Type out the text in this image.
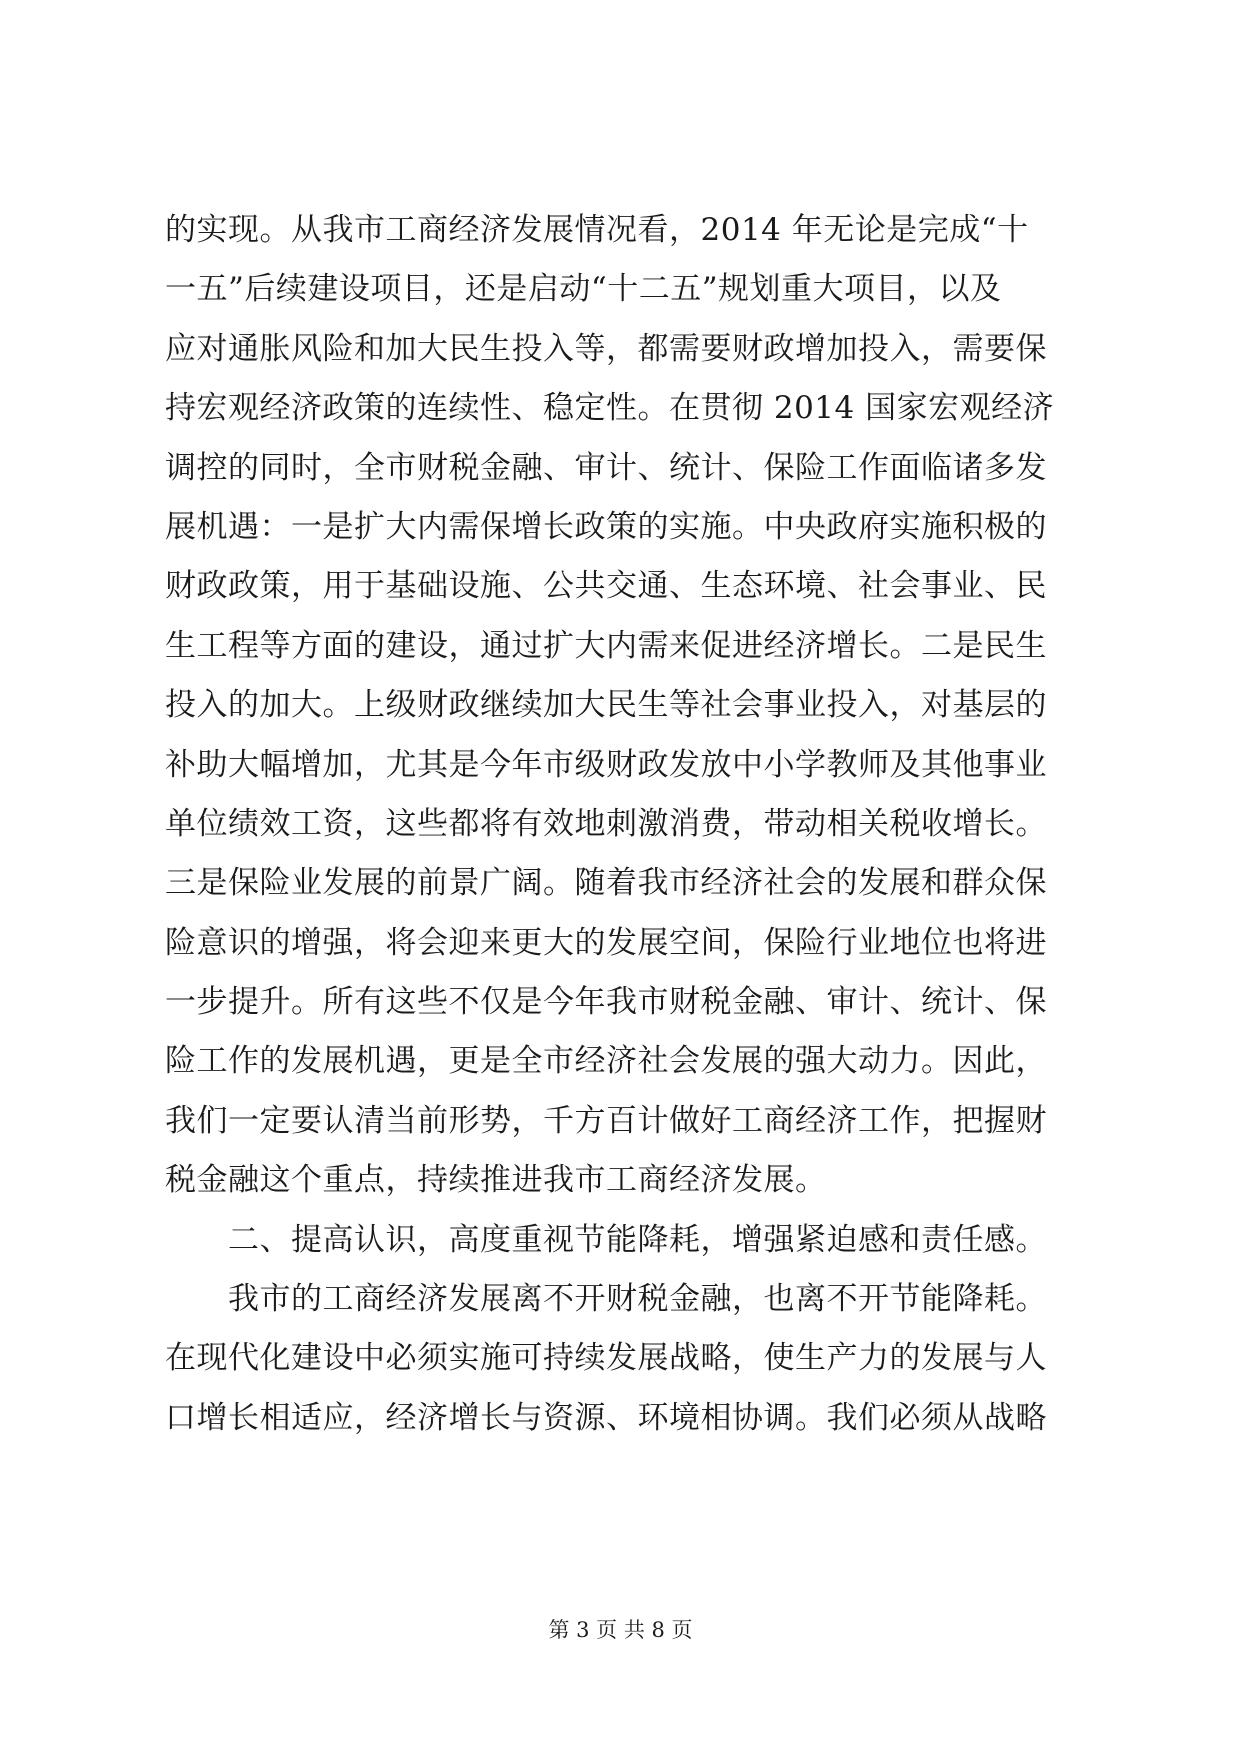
的实现。从我市工商经济发展情况看，2014 年无论是完成“十
一五”后续建设项目，还是启动“十二五”规划重大项目，以及
应对通胀风险和加大民生投入等，都需要财政增加投入，需要保
持宏观经济政策的连续性、稳定性。在贯彻 2014 国家宏观经济
调控的同时，全市财税金融、审计、统计、保险工作面临诸多发
展机遇：一是扩大内需保增长政策的实施。中央政府实施积极的
财政政策，用于基础设施、公共交通、生态环境、社会事业、民
生工程等方面的建设，通过扩大内需来促进经济增长。二是民生
投入的加大。上级财政继续加大民生等社会事业投入，对基层的
补助大幅增加，尤其是今年市级财政发放中小学教师及其他事业
单位绩效工资，这些都将有效地刺激消费，带动相关税收增长。
三是保险业发展的前景广阔。随着我市经济社会的发展和群众保
险意识的增强，将会迎来更大的发展空间，保险行业地位也将进
一步提升。所有这些不仅是今年我市财税金融、审计、统计、保
险工作的发展机遇，更是全市经济社会发展的强大动力。因此，
我们一定要认清当前形势，千方百计做好工商经济工作，把握财
税金融这个重点，持续推进我市工商经济发展。
　　二、提高认识，高度重视节能降耗，增强紧迫感和责任感。
　　我市的工商经济发展离不开财税金融，也离不开节能降耗。
在现代化建设中必须实施可持续发展战略，使生产力的发展与人
口增长相适应，经济增长与资源、环境相协调。我们必须从战略
第 3 页 共 8 页
